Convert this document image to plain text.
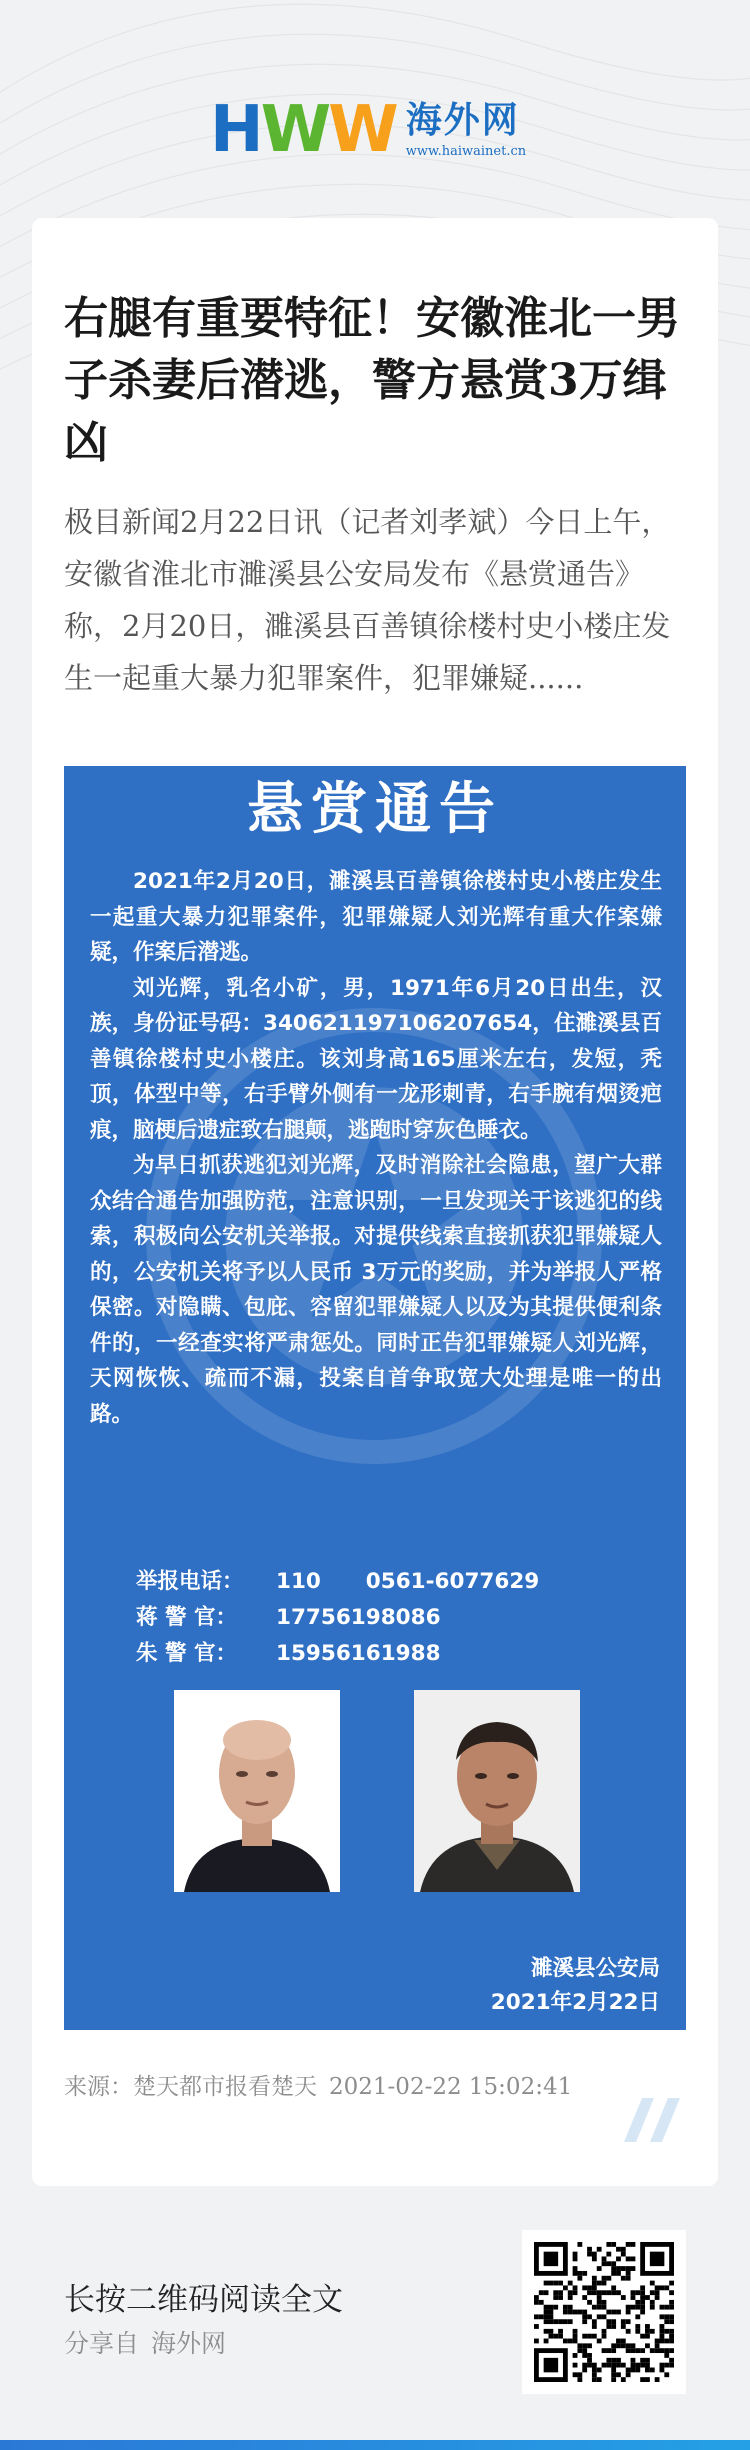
HWW 海外网
www.haiwainet.cn
右腿有重要特征！安徽淮北一男子杀妻后潜逃，警方悬赏3万缉凶

极目新闻2月22日讯（记者刘孝斌）今日上午，安徽省淮北市濉溪县公安局发布《悬赏通告》称，2月20日，濉溪县百善镇徐楼村史小楼庄发生一起重大暴力犯罪案件，犯罪嫌疑......

悬赏通告

2021年2月20日，濉溪县百善镇徐楼村史小楼庄发生一起重大暴力犯罪案件，犯罪嫌疑人刘光辉有重大作案嫌疑，作案后潜逃。

刘光辉，乳名小矿，男，1971年6月20日出生，汉族，身份证号码：340621197106207654，住濉溪县百善镇徐楼村史小楼庄。该刘身高165厘米左右，发短，秃顶，体型中等，右手臂外侧有一龙形刺青，右手腕有烟烫疤痕，脑梗后遗症致右腿颠，逃跑时穿灰色睡衣。

为早日抓获逃犯刘光辉，及时消除社会隐患，望广大群众结合通告加强防范，注意识别，一旦发现关于该逃犯的线索，积极向公安机关举报。对提供线索直接抓获犯罪嫌疑人的，公安机关将予以人民币 3万元的奖励，并为举报人严格保密。对隐瞒、包庇、容留犯罪嫌疑人以及为其提供便利条件的，一经查实将严肃惩处。同时正告犯罪嫌疑人刘光辉，天网恢恢、疏而不漏，投案自首争取宽大处理是唯一的出路。

举报电话：	110      0561-6077629
蒋 警 官：	17756198086
朱 警 官：	15956161988
濉溪县公安局
2021年2月22日
来源：楚天都市报看楚天 2021-02-22 15:02:41
长按二维码阅读全文
分享自 海外网
